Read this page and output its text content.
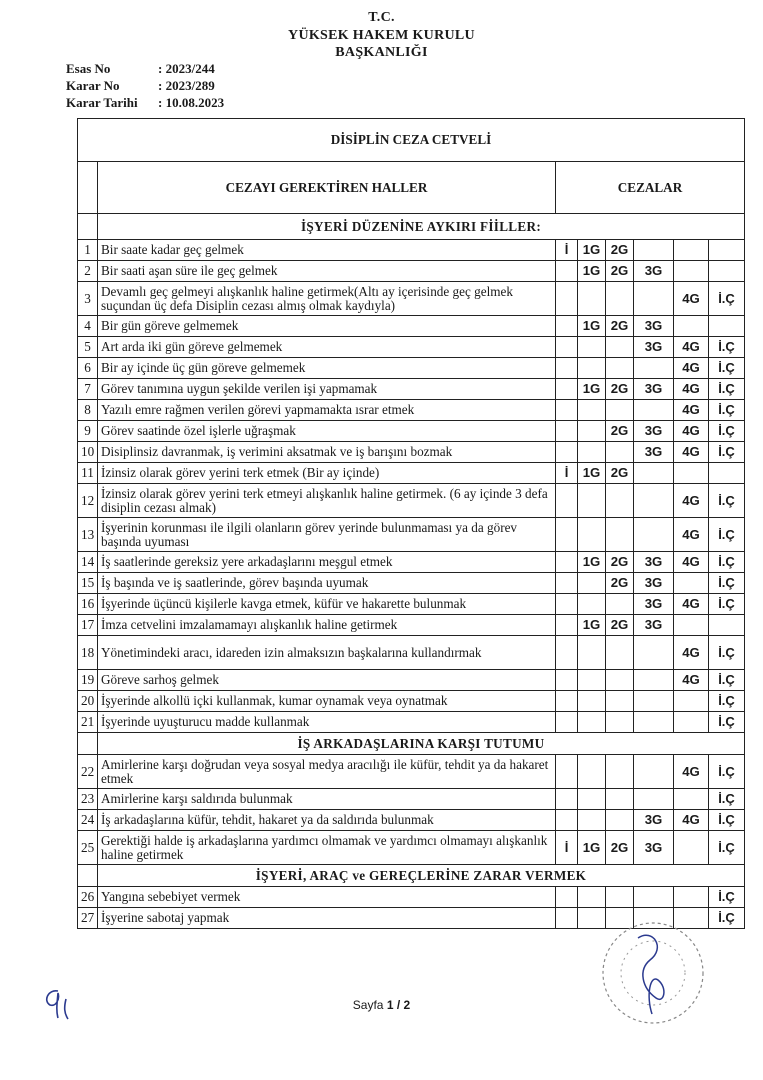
T.C.
YÜKSEK HAKEM KURULU
BAŞKANLIĞI
Esas No	: 2023/244
Karar No	: 2023/289
Karar Tarihi	: 10.08.2023
DİSİPLİN CEZA CETVELİ							
	CEZAYI GEREKTİREN HALLER	CEZALAR					
	İŞYERİ DÜZENİNE AYKIRI FİİLLER:						
1	Bir saate kadar geç gelmek	İ	1G	2G			
2	Bir saati aşan süre ile geç gelmek		1G	2G	3G		
3	Devamlı geç gelmeyi alışkanlık haline getirmek(Altı ay içerisinde geç gelmek suçundan üç defa Disiplin cezası almış olmak kaydıyla)					4G	İ.Ç
4	Bir gün göreve gelmemek		1G	2G	3G		
5	Art arda iki gün göreve gelmemek				3G	4G	İ.Ç
6	Bir ay içinde üç gün göreve gelmemek					4G	İ.Ç
7	Görev tanımına uygun şekilde verilen işi yapmamak		1G	2G	3G	4G	İ.Ç
8	Yazılı emre rağmen verilen görevi yapmamakta ısrar etmek					4G	İ.Ç
9	Görev saatinde özel işlerle uğraşmak			2G	3G	4G	İ.Ç
10	Disiplinsiz davranmak, iş verimini aksatmak ve iş barışını bozmak				3G	4G	İ.Ç
11	İzinsiz olarak görev yerini terk etmek (Bir ay içinde)	İ	1G	2G			
12	İzinsiz olarak görev yerini terk etmeyi alışkanlık haline getirmek. (6 ay içinde 3 defa disiplin cezası almak)					4G	İ.Ç
13	İşyerinin korunması ile ilgili olanların görev yerinde bulunmaması ya da görev başında uyuması					4G	İ.Ç
14	İş saatlerinde gereksiz yere arkadaşlarını meşgul etmek		1G	2G	3G	4G	İ.Ç
15	İş başında ve iş saatlerinde, görev başında uyumak			2G	3G		İ.Ç
16	İşyerinde üçüncü kişilerle kavga etmek, küfür ve hakarette bulunmak				3G	4G	İ.Ç
17	İmza cetvelini imzalamamayı alışkanlık haline getirmek		1G	2G	3G		
18	Yönetimindeki aracı, idareden izin almaksızın başkalarına kullandırmak					4G	İ.Ç
19	Göreve sarhoş gelmek					4G	İ.Ç
20	İşyerinde alkollü içki kullanmak, kumar oynamak veya oynatmak						İ.Ç
21	İşyerinde uyuşturucu madde kullanmak						İ.Ç
	İŞ ARKADAŞLARINA KARŞI TUTUMU						
22	Amirlerine karşı doğrudan veya sosyal medya aracılığı ile küfür, tehdit ya da hakaret etmek					4G	İ.Ç
23	Amirlerine karşı saldırıda bulunmak						İ.Ç
24	İş arkadaşlarına küfür, tehdit, hakaret ya da saldırıda bulunmak				3G	4G	İ.Ç
25	Gerektiği halde iş arkadaşlarına yardımcı olmamak ve yardımcı olmamayı alışkanlık haline getirmek	İ	1G	2G	3G		İ.Ç
	İŞYERİ, ARAÇ ve GEREÇLERİNE ZARAR VERMEK						
26	Yangına sebebiyet vermek						İ.Ç
27	İşyerine sabotaj yapmak						İ.Ç
Sayfa 1 / 2
